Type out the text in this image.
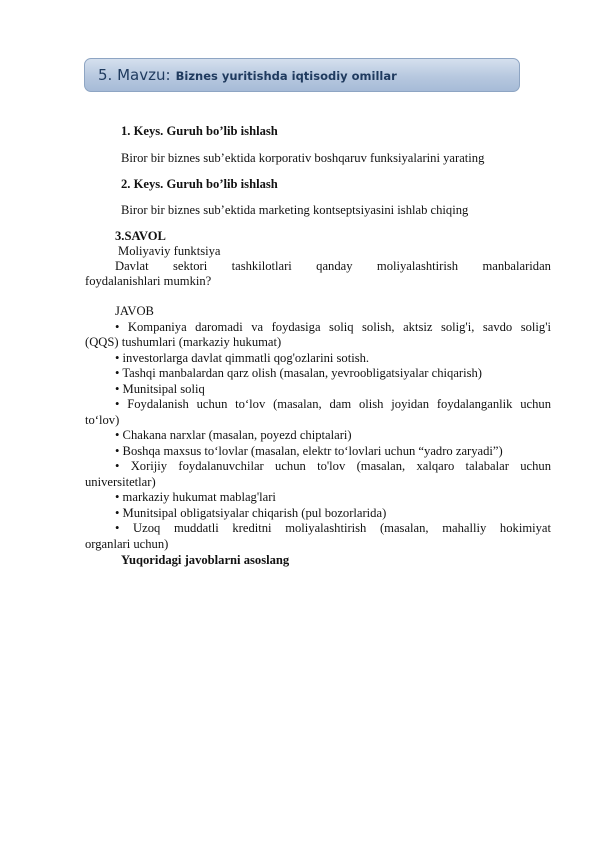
5. Mavzu: Biznes yuritishda iqtisodiy omillar
1. Keys. Guruh bo’lib ishlash
Biror bir biznes sub’ektida korporativ boshqaruv funksiyalarini yarating
2. Keys. Guruh bo’lib ishlash
Biror bir biznes sub’ektida marketing kontseptsiyasini ishlab chiqing
3.SAVOL
Moliyaviy funktsiya
Davlat sektori tashkilotlari qanday moliyalashtirish manbalaridan
foydalanishlari mumkin?
JAVOB
• Kompaniya daromadi va foydasiga soliq solish, aktsiz solig'i, savdo solig'i
(QQS) tushumlari (markaziy hukumat)
• investorlarga davlat qimmatli qog'ozlarini sotish.
• Tashqi manbalardan qarz olish (masalan, yevroobligatsiyalar chiqarish)
• Munitsipal soliq
• Foydalanish uchun to‘lov (masalan, dam olish joyidan foydalanganlik uchun
to‘lov)
• Chakana narxlar (masalan, poyezd chiptalari)
• Boshqa maxsus to‘lovlar (masalan, elektr to‘lovlari uchun “yadro zaryadi”)
• Xorijiy foydalanuvchilar uchun to'lov (masalan, xalqaro talabalar uchun
universitetlar)
• markaziy hukumat mablag'lari
• Munitsipal obligatsiyalar chiqarish (pul bozorlarida)
• Uzoq muddatli kreditni moliyalashtirish (masalan, mahalliy hokimiyat
organlari uchun)
Yuqoridagi javoblarni asoslang
